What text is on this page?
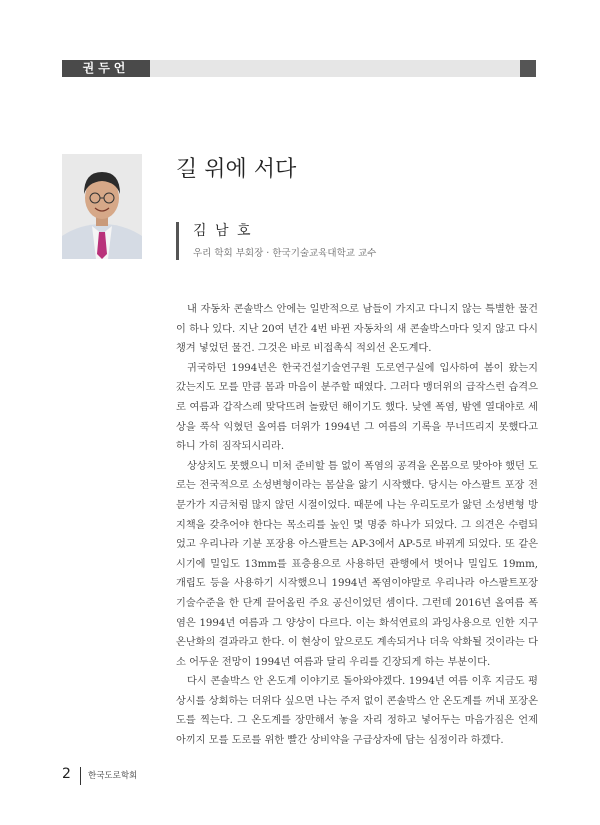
권두언
길 위에 서다
김 남 호
우리 학회 부회장 · 한국기술교육대학교 교수

내 자동차 콘솔박스 안에는 일반적으로 남들이 가지고 다니지 않는 특별한 물건이 하나 있다. 지난 20여 년간 4번 바뀐 자동차의 새 콘솔박스마다 잊지 않고 다시 챙겨 넣었던 물건. 그것은 바로 비접촉식 적외선 온도계다.

귀국하던 1994년은 한국건설기술연구원 도로연구실에 입사하여 봄이 왔는지 갔는지도 모를 만큼 몸과 마음이 분주할 때였다. 그러다 맹더위의 급작스런 습격으로 여름과 갑작스레 맞닥뜨려 놀랐던 해이기도 했다. 낮엔 폭염, 밤엔 열대야로 세상을 푹삭 익혔던 올여름 더위가 1994년 그 여름의 기록을 무너뜨리지 못했다고 하니 가히 짐작되시리라.

상상치도 못했으니 미처 준비할 틈 없이 폭염의 공격을 온몸으로 맞아야 했던 도로는 전국적으로 소성변형이라는 몸살을 앓기 시작했다. 당시는 아스팔트 포장 전문가가 지금처럼 많지 않던 시절이었다. 때문에 나는 우리도로가 앓던 소성변형 방지책을 갖추어야 한다는 목소리를 높인 몇 명중 하나가 되었다. 그 의견은 수렴되었고 우리나라 기분 포장용 아스팔트는 AP-3에서 AP-5로 바뀌게 되었다. 또 같은 시기에 밀입도 13mm를 표층용으로 사용하던 관행에서 벗어나 밀입도 19mm, 개립도 등을 사용하기 시작했으니 1994년 폭염이야말로 우리나라 아스팔트포장 기술수준을 한 단계 끌어올린 주요 공신이었던 셈이다. 그런데 2016년 올여름 폭염은 1994년 여름과 그 양상이 다르다. 이는 화석연료의 과잉사용으로 인한 지구 온난화의 결과라고 한다. 이 현상이 앞으로도 계속되거나 더욱 악화될 것이라는 다소 어두운 전망이 1994년 여름과 달리 우리를 긴장되게 하는 부분이다.

다시 콘솔박스 안 온도계 이야기로 돌아와야겠다. 1994년 여름 이후 지금도 평상시를 상회하는 더위다 싶으면 나는 주저 없이 콘솔박스 안 온도계를 꺼내 포장온도를 찍는다. 그 온도계를 장만해서 놓을 자리 정하고 넣어두는 마음가짐은 언제 아끼지 모를 도로를 위한 빨간 상비약을 구급상자에 담는 심정이라 하겠다.

2 한국도로학회
